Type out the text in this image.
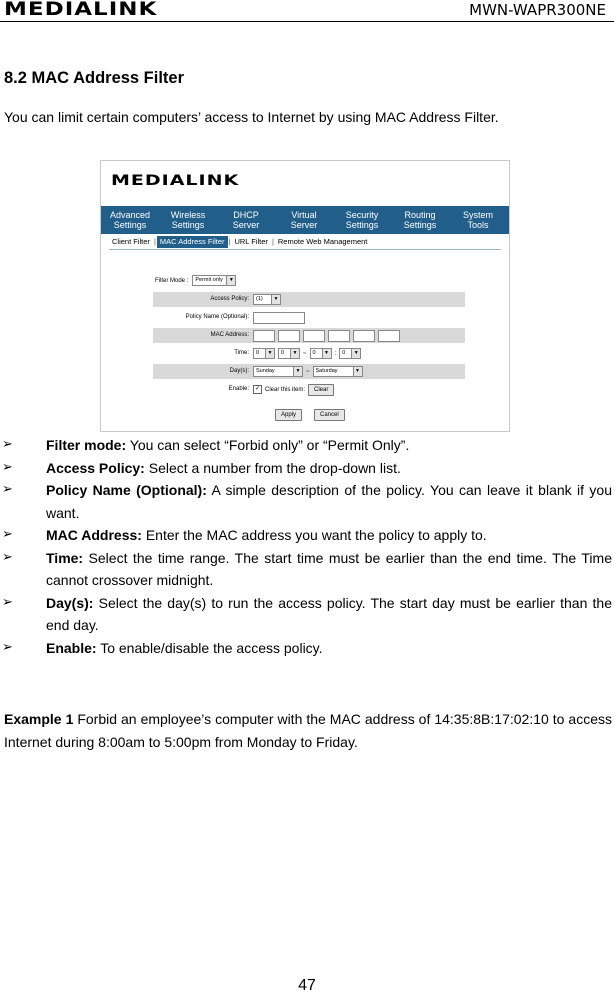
MEDIALINK	MWN-WAPR300NE
8.2 MAC Address Filter

You can limit certain computers’ access to Internet by using MAC Address Filter.

MEDIALINK
Advanced
Settings
Wireless
Settings
DHCP
Server
Virtual
Server
Security
Settings
Routing
Settings
System
Tools
Client Filter | MAC Address Filter | URL Filter | Remote Web Management
Filter Mode :	Permit only	▼
Access Policy:	(1)	▼
Policy Name (Optional):
MAC Address:
Time:	0	▼	0	▼ ~	0	▼ :	0	▼
Day(s):	Sunday	▼ ~	Saturday	▼
Enable: ✓ Clear this item:	Clear
Apply	Cancel
➢ Filter mode: You can select “Forbid only” or “Permit Only”.
➢ Access Policy: Select a number from the drop-down list.
➢ Policy Name (Optional): A simple description of the policy. You can leave it blank if you want.
➢ MAC Address: Enter the MAC address you want the policy to apply to.
➢ Time: Select the time range. The start time must be earlier than the end time. The Time cannot crossover midnight.
➢ Day(s): Select the day(s) to run the access policy. The start day must be earlier than the end day.
➢ Enable: To enable/disable the access policy.

Example 1 Forbid an employee’s computer with the MAC address of 14:35:8B:17:02:10 to access Internet during 8:00am to 5:00pm from Monday to Friday.

47
